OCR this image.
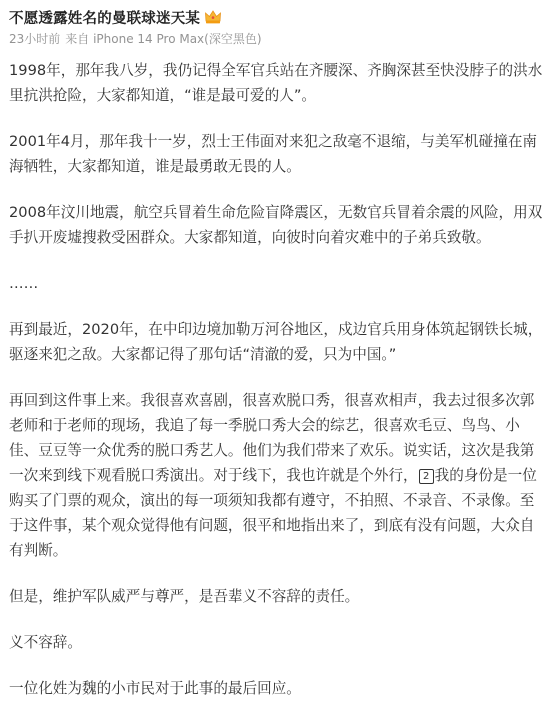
不愿透露姓名的曼联球迷天某
23小时前 来自 iPhone 14 Pro Max(深空黑色)

1998年，那年我八岁，我仍记得全军官兵站在齐腰深、齐胸深甚至快没脖子的洪水里抗洪抢险，大家都知道，“谁是最可爱的人”。

2001年4月，那年我十一岁，烈士王伟面对来犯之敌毫不退缩，与美军机碰撞在南海牺牲，大家都知道，谁是最勇敢无畏的人。

2008年汶川地震，航空兵冒着生命危险盲降震区，无数官兵冒着余震的风险，用双手扒开废墟搜救受困群众。大家都知道，向彼时向着灾难中的子弟兵致敬。

……

再到最近，2020年，在中印边境加勒万河谷地区，戍边官兵用身体筑起钢铁长城，驱逐来犯之敌。大家都记得了那句话“清澈的爱，只为中国。”

再回到这件事上来。我很喜欢喜剧，很喜欢脱口秀，很喜欢相声，我去过很多次郭老师和于老师的现场，我追了每一季脱口秀大会的综艺，很喜欢毛豆、鸟鸟、小佳、豆豆等一众优秀的脱口秀艺人。他们为我们带来了欢乐。说实话，这次是我第一次来到线下观看脱口秀演出。对于线下，我也许就是个外行， 2 我的身份是一位购买了门票的观众，演出的每一项须知我都有遵守，不拍照、不录音、不录像。至于这件事，某个观众觉得他有问题，很平和地指出来了，到底有没有问题，大众自有判断。

但是，维护军队威严与尊严，是吾辈义不容辞的责任。

义不容辞。

一位化姓为魏的小市民对于此事的最后回应。
